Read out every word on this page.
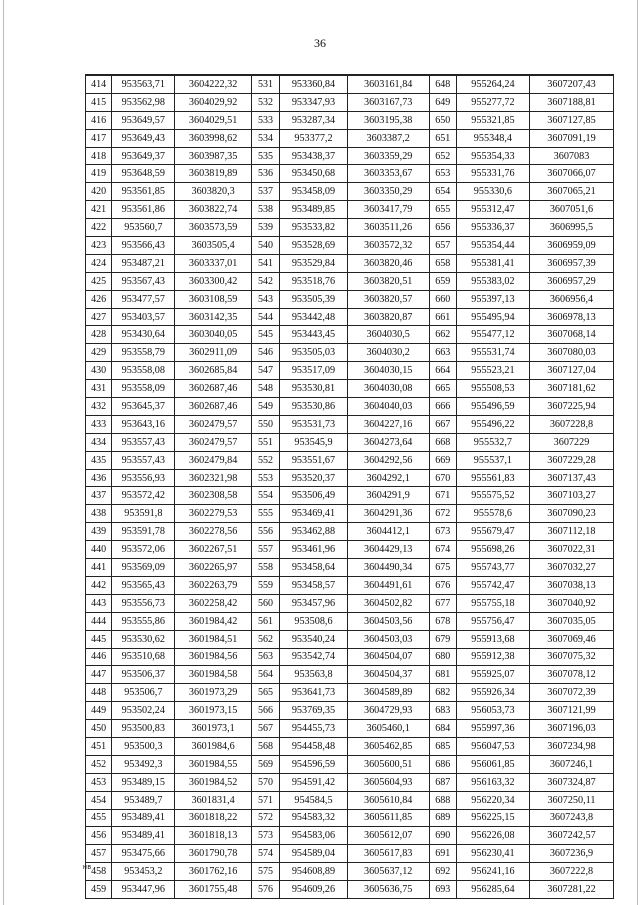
36
414	953563,71	3604222,32	531	953360,84	3603161,84	648	955264,24	3607207,43
415	953562,98	3604029,92	532	953347,93	3603167,73	649	955277,72	3607188,81
416	953649,57	3604029,51	533	953287,34	3603195,38	650	955321,85	3607127,85
417	953649,43	3603998,62	534	953377,2	3603387,2	651	955348,4	3607091,19
418	953649,37	3603987,35	535	953438,37	3603359,29	652	955354,33	3607083
419	953648,59	3603819,89	536	953450,68	3603353,67	653	955331,76	3607066,07
420	953561,85	3603820,3	537	953458,09	3603350,29	654	955330,6	3607065,21
421	953561,86	3603822,74	538	953489,85	3603417,79	655	955312,47	3607051,6
422	953560,7	3603573,59	539	953533,82	3603511,26	656	955336,37	3606995,5
423	953566,43	3603505,4	540	953528,69	3603572,32	657	955354,44	3606959,09
424	953487,21	3603337,01	541	953529,84	3603820,46	658	955381,41	3606957,39
425	953567,43	3603300,42	542	953518,76	3603820,51	659	955383,02	3606957,29
426	953477,57	3603108,59	543	953505,39	3603820,57	660	955397,13	3606956,4
427	953403,57	3603142,35	544	953442,48	3603820,87	661	955495,94	3606978,13
428	953430,64	3603040,05	545	953443,45	3604030,5	662	955477,12	3607068,14
429	953558,79	3602911,09	546	953505,03	3604030,2	663	955531,74	3607080,03
430	953558,08	3602685,84	547	953517,09	3604030,15	664	955523,21	3607127,04
431	953558,09	3602687,46	548	953530,81	3604030,08	665	955508,53	3607181,62
432	953645,37	3602687,46	549	953530,86	3604040,03	666	955496,59	3607225,94
433	953643,16	3602479,57	550	953531,73	3604227,16	667	955496,22	3607228,8
434	953557,43	3602479,57	551	953545,9	3604273,64	668	955532,7	3607229
435	953557,43	3602479,84	552	953551,67	3604292,56	669	955537,1	3607229,28
436	953556,93	3602321,98	553	953520,37	3604292,1	670	955561,83	3607137,43
437	953572,42	3602308,58	554	953506,49	3604291,9	671	955575,52	3607103,27
438	953591,8	3602279,53	555	953469,41	3604291,36	672	955578,6	3607090,23
439	953591,78	3602278,56	556	953462,88	3604412,1	673	955679,47	3607112,18
440	953572,06	3602267,51	557	953461,96	3604429,13	674	955698,26	3607022,31
441	953569,09	3602265,97	558	953458,64	3604490,34	675	955743,77	3607032,27
442	953565,43	3602263,79	559	953458,57	3604491,61	676	955742,47	3607038,13
443	953556,73	3602258,42	560	953457,96	3604502,82	677	955755,18	3607040,92
444	953555,86	3601984,42	561	953508,6	3604503,56	678	955756,47	3607035,05
445	953530,62	3601984,51	562	953540,24	3604503,03	679	955913,68	3607069,46
446	953510,68	3601984,56	563	953542,74	3604504,07	680	955912,38	3607075,32
447	953506,37	3601984,58	564	953563,8	3604504,37	681	955925,07	3607078,12
448	953506,7	3601973,29	565	953641,73	3604589,89	682	955926,34	3607072,39
449	953502,24	3601973,15	566	953769,35	3604729,93	683	956053,73	3607121,99
450	953500,83	3601973,1	567	954455,73	3605460,1	684	955997,36	3607196,03
451	953500,3	3601984,6	568	954458,48	3605462,85	685	956047,53	3607234,98
452	953492,3	3601984,55	569	954596,59	3605600,51	686	956061,85	3607246,1
453	953489,15	3601984,52	570	954591,42	3605604,93	687	956163,32	3607324,87
454	953489,7	3601831,4	571	954584,5	3605610,84	688	956220,34	3607250,11
455	953489,41	3601818,22	572	954583,32	3605611,85	689	956225,15	3607243,8
456	953489,41	3601818,13	573	954583,06	3605612,07	690	956226,08	3607242,57
457	953475,66	3601790,78	574	954589,04	3605617,83	691	956230,41	3607236,9
458	953453,2	3601762,16	575	954608,89	3605637,12	692	956241,16	3607222,8
459	953447,96	3601755,48	576	954609,26	3605636,75	693	956285,64	3607281,22
нв
